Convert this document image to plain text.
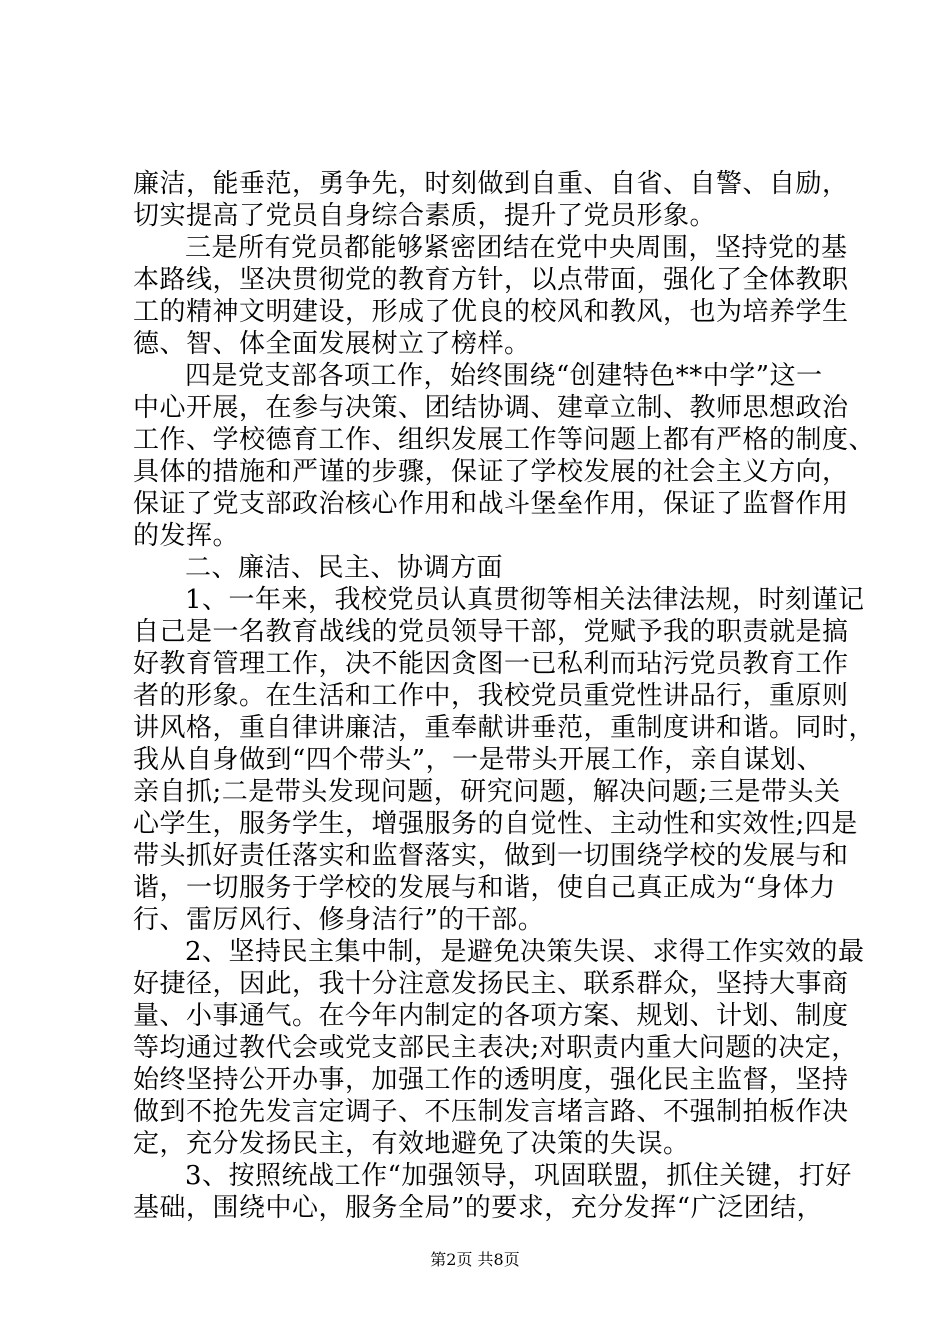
廉洁，能垂范，勇争先，时刻做到自重、自省、自警、自励，
切实提高了党员自身综合素质，提升了党员形象。
三是所有党员都能够紧密团结在党中央周围，坚持党的基
本路线，坚决贯彻党的教育方针，以点带面，强化了全体教职
工的精神文明建设，形成了优良的校风和教风，也为培养学生
德、智、体全面发展树立了榜样。
四是党支部各项工作，始终围绕“创建特色**中学”这一
中心开展，在参与决策、团结协调、建章立制、教师思想政治
工作、学校德育工作、组织发展工作等问题上都有严格的制度、
具体的措施和严谨的步骤，保证了学校发展的社会主义方向，
保证了党支部政治核心作用和战斗堡垒作用，保证了监督作用
的发挥。
二、廉洁、民主、协调方面
1、一年来，我校党员认真贯彻等相关法律法规，时刻谨记
自己是一名教育战线的党员领导干部，党赋予我的职责就是搞
好教育管理工作，决不能因贪图一已私利而玷污党员教育工作
者的形象。在生活和工作中，我校党员重党性讲品行，重原则
讲风格，重自律讲廉洁，重奉献讲垂范，重制度讲和谐。同时，
我从自身做到“四个带头”，一是带头开展工作，亲自谋划、
亲自抓;二是带头发现问题，研究问题，解决问题;三是带头关
心学生，服务学生，增强服务的自觉性、主动性和实效性;四是
带头抓好责任落实和监督落实，做到一切围绕学校的发展与和
谐，一切服务于学校的发展与和谐，使自己真正成为“身体力
行、雷厉风行、修身洁行”的干部。
2、坚持民主集中制，是避免决策失误、求得工作实效的最
好捷径，因此，我十分注意发扬民主、联系群众，坚持大事商
量、小事通气。在今年内制定的各项方案、规划、计划、制度
等均通过教代会或党支部民主表决;对职责内重大问题的决定，
始终坚持公开办事，加强工作的透明度，强化民主监督，坚持
做到不抢先发言定调子、不压制发言堵言路、不强制拍板作决
定，充分发扬民主，有效地避免了决策的失误。
3、按照统战工作“加强领导，巩固联盟，抓住关键，打好
基础，围绕中心，服务全局”的要求，充分发挥“广泛团结，
第2页 共8页
